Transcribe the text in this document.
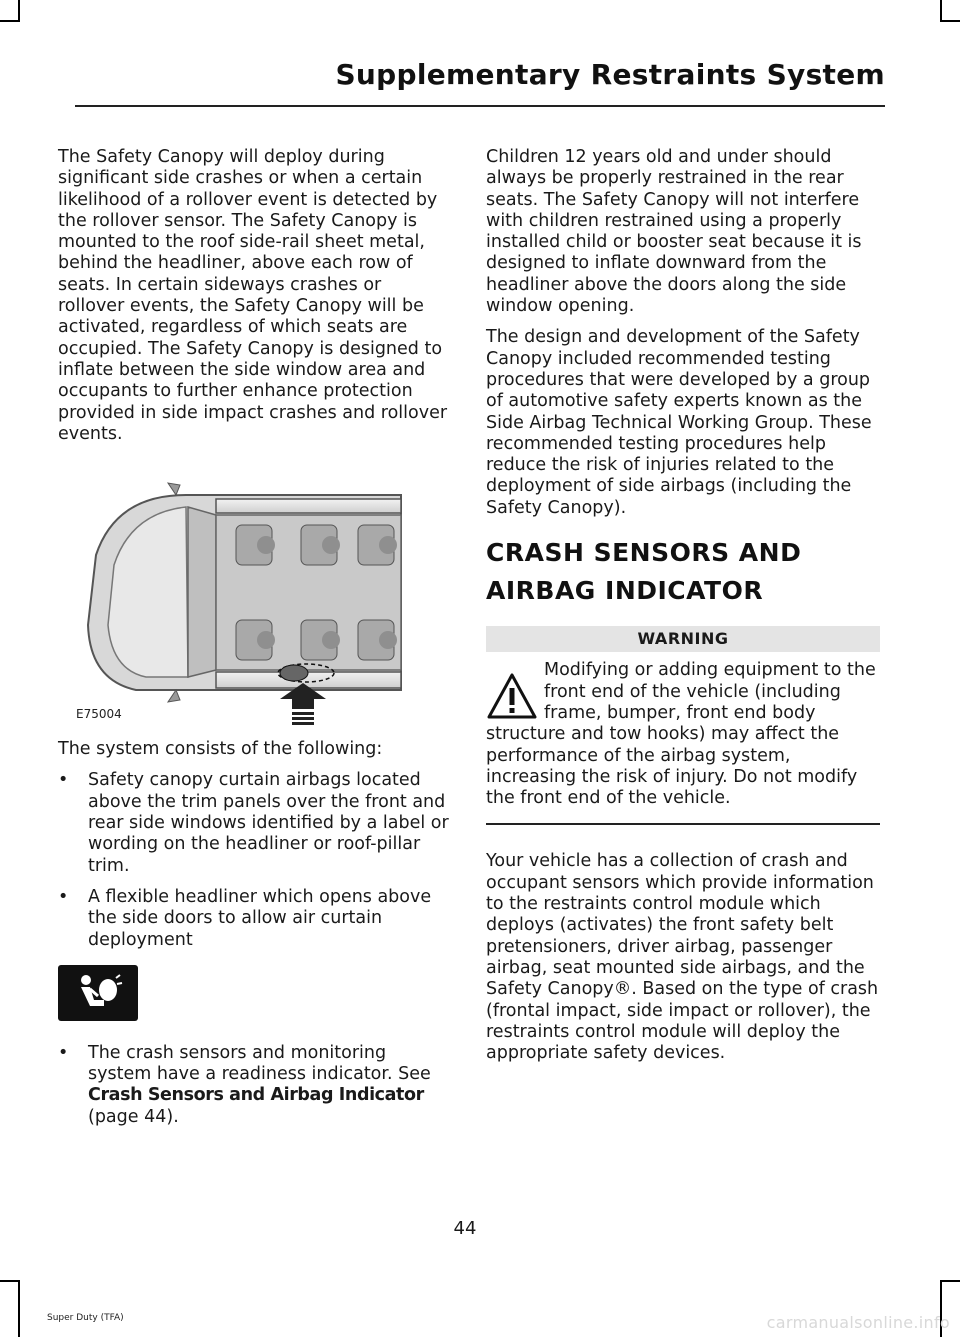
Supplementary Restraints System

The Safety Canopy will deploy during significant side crashes or when a certain likelihood of a rollover event is detected by the rollover sensor. The Safety Canopy is mounted to the roof side-rail sheet metal, behind the headliner, above each row of seats. In certain sideways crashes or rollover events, the Safety Canopy will be activated, regardless of which seats are occupied. The Safety Canopy is designed to inflate between the side window area and occupants to further enhance protection provided in side impact crashes and rollover events.

E75004

The system consists of the following:

• Safety canopy curtain airbags located above the trim panels over the front and rear side windows identified by a label or wording on the headliner or roof-pillar trim.
• A flexible headliner which opens above the side doors to allow air curtain deployment
• The crash sensors and monitoring system have a readiness indicator. See Crash Sensors and Airbag Indicator (page 44).

Children 12 years old and under should always be properly restrained in the rear seats. The Safety Canopy will not interfere with children restrained using a properly installed child or booster seat because it is designed to inflate downward from the headliner above the doors along the side window opening.

The design and development of the Safety Canopy included recommended testing procedures that were developed by a group of automotive safety experts known as the Side Airbag Technical Working Group. These recommended testing procedures help reduce the risk of injuries related to the deployment of side airbags (including the Safety Canopy).

CRASH SENSORS AND
AIRBAG INDICATOR
WARNING

Modifying or adding equipment to the front end of the vehicle (including frame, bumper, front end body structure and tow hooks) may affect the performance of the airbag system, increasing the risk of injury. Do not modify the front end of the vehicle.

Your vehicle has a collection of crash and occupant sensors which provide information to the restraints control module which deploys (activates) the front safety belt pretensioners, driver airbag, passenger airbag, seat mounted side airbags, and the Safety Canopy®. Based on the type of crash (frontal impact, side impact or rollover), the restraints control module will deploy the appropriate safety devices.

44
Super Duty (TFA)	carmanualsonline.info
